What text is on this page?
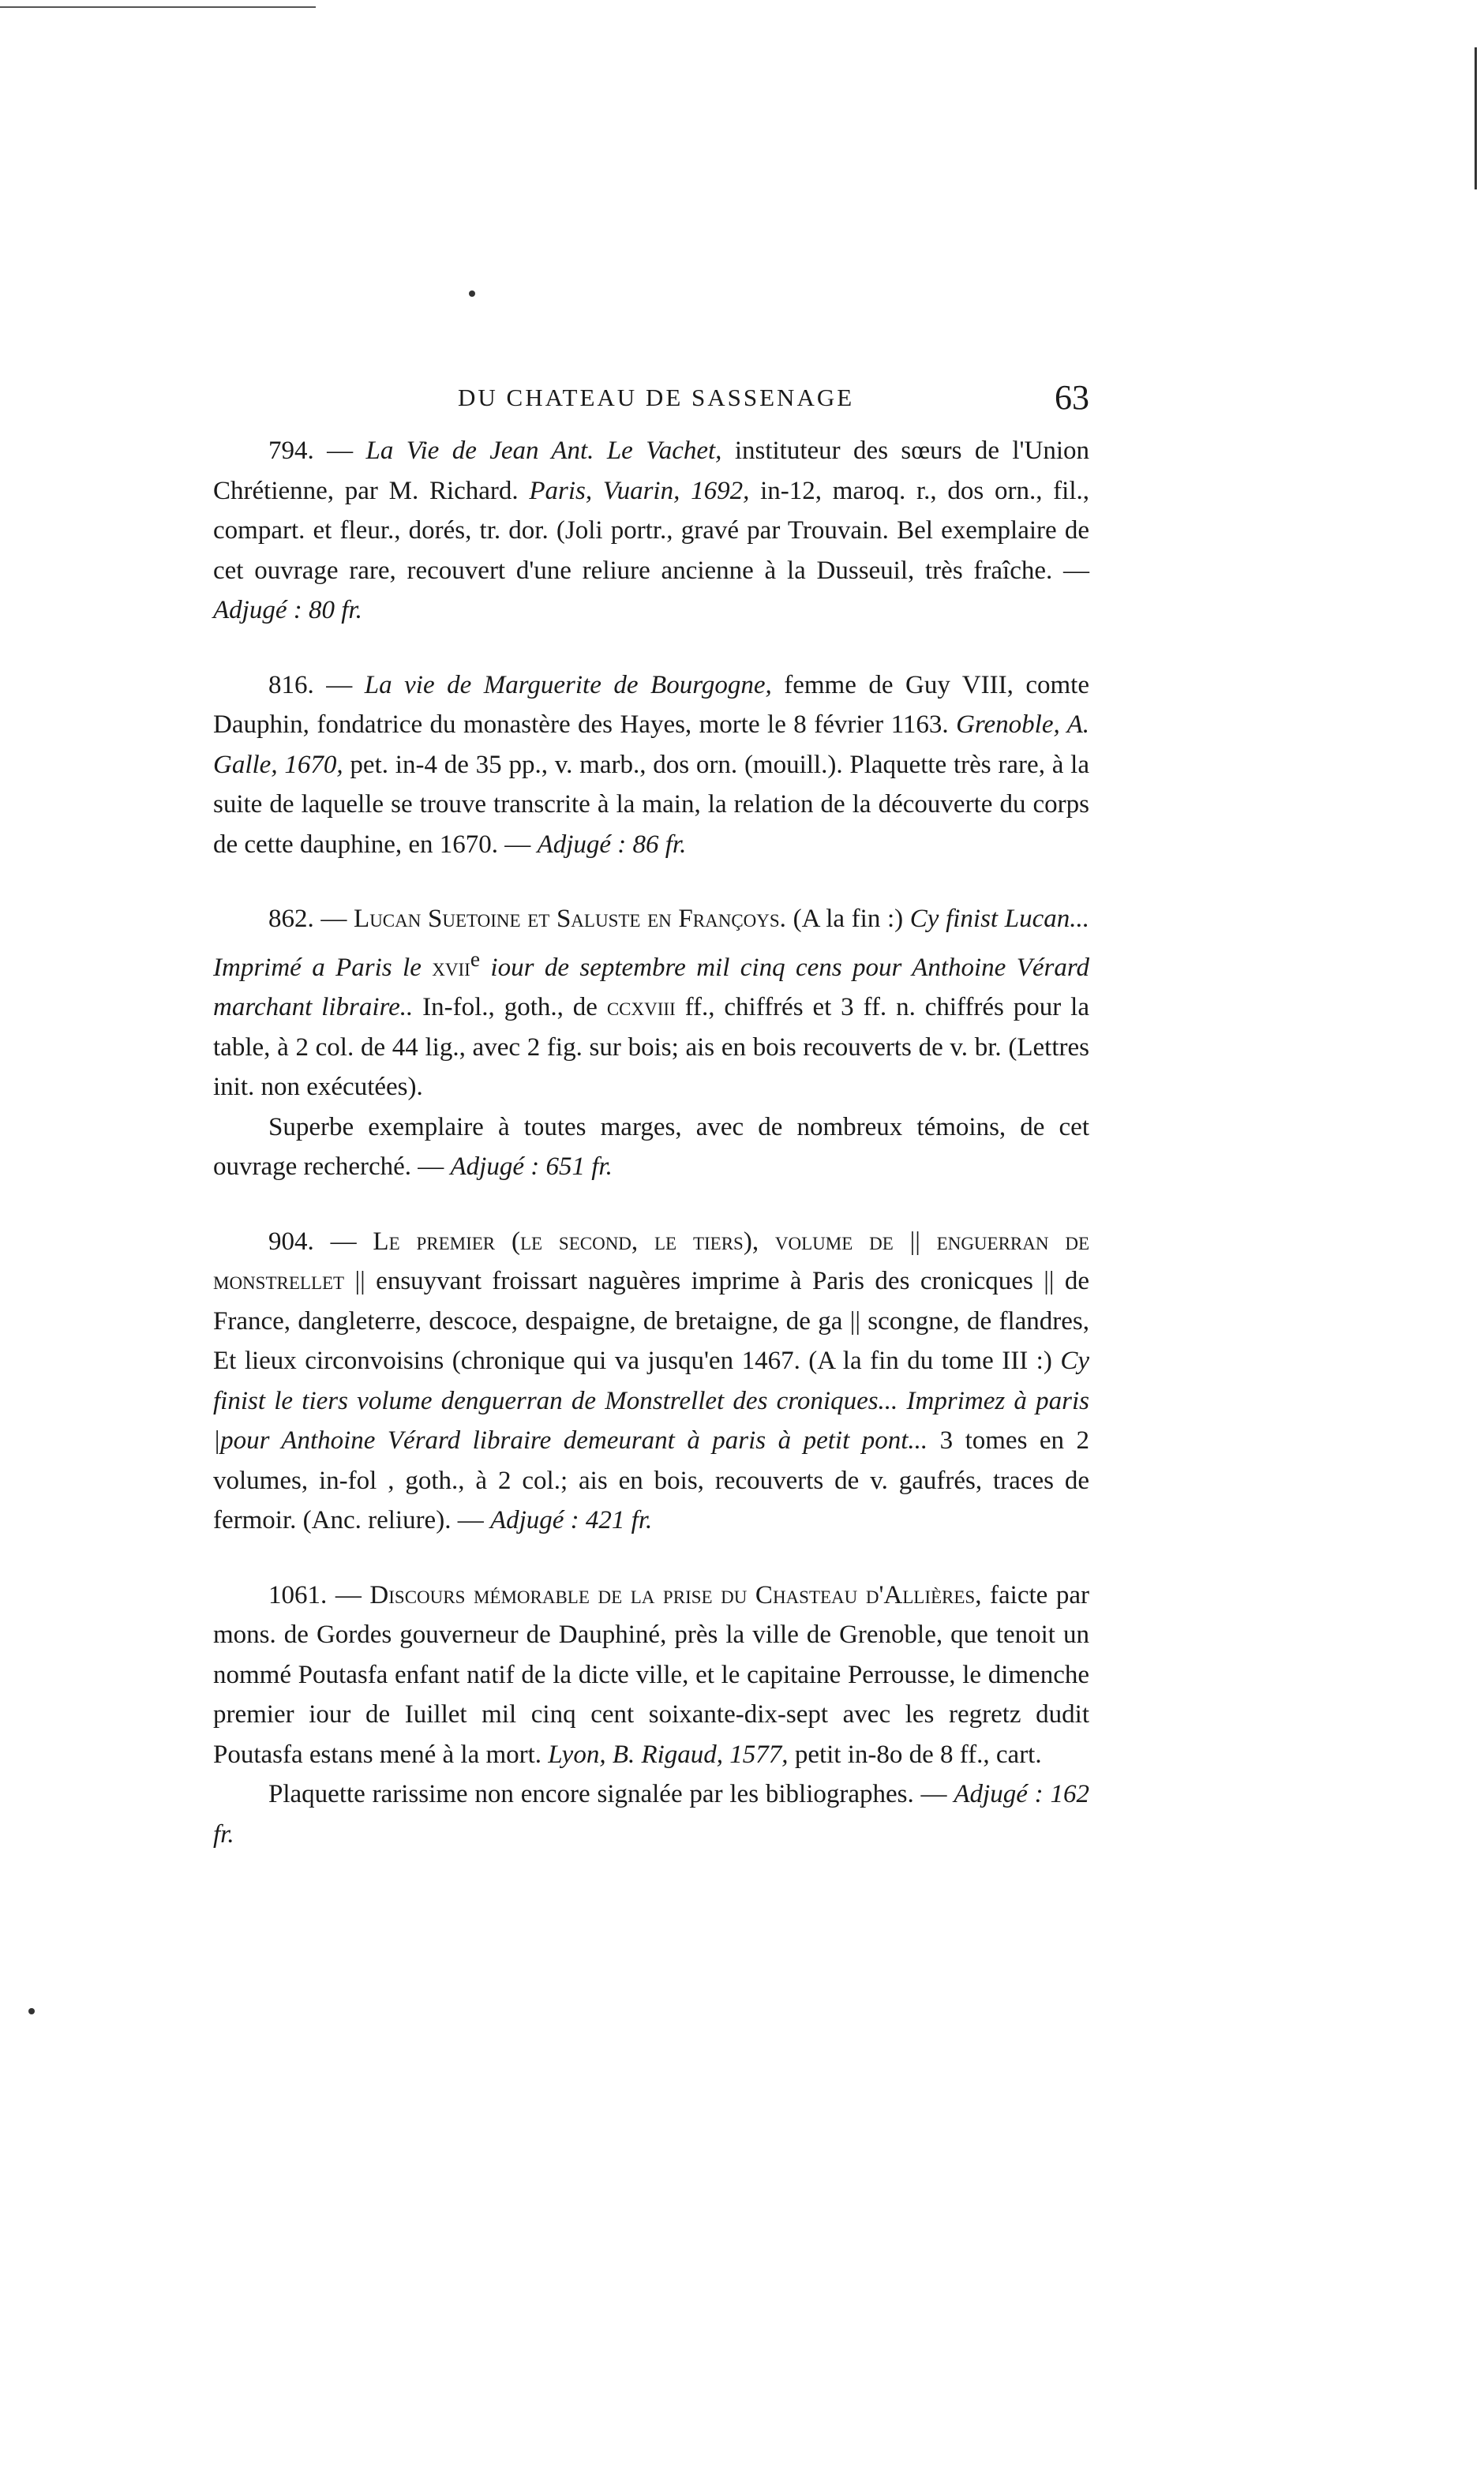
DU CHATEAU DE SASSENAGE	63

794. — La Vie de Jean Ant. Le Vachet, instituteur des sœurs de l'Union Chrétienne, par M. Richard. Paris, Vuarin, 1692, in-12, maroq. r., dos orn., fil., compart. et fleur., dorés, tr. dor. (Joli portr., gravé par Trouvain. Bel exemplaire de cet ouvrage rare, recouvert d'une reliure ancienne à la Dusseuil, très fraîche. — Adjugé : 80 fr.

816. — La vie de Marguerite de Bourgogne, femme de Guy VIII, comte Dauphin, fondatrice du monastère des Hayes, morte le 8 février 1163. Grenoble, A. Galle, 1670, pet. in-4 de 35 pp., v. marb., dos orn. (mouill.). Plaquette très rare, à la suite de laquelle se trouve transcrite à la main, la relation de la découverte du corps de cette dauphine, en 1670. — Adjugé : 86 fr.

862. — Lucan Suetoine et Saluste en Françoys. (A la fin :) Cy finist Lucan... Imprimé a Paris le xvii$^e$ iour de septembre mil cinq cens pour Anthoine Vérard marchant libraire.. In-fol., goth., de ccxviii ff., chiffrés et 3 ff. n. chiffrés pour la table, à 2 col. de 44 lig., avec 2 fig. sur bois; ais en bois recouverts de v. br. (Lettres init. non exécutées).

Superbe exemplaire à toutes marges, avec de nombreux témoins, de cet ouvrage recherché. — Adjugé : 651 fr.

904. — Le premier (le second, le tiers), volume de || enguerran de monstrellet || ensuyvant froissart naguères imprime à Paris des cronicques || de France, dangleterre, descoce, despaigne, de bretaigne, de ga || scongne, de flandres, Et lieux circonvoisins (chronique qui va jusqu'en 1467. (A la fin du tome III :) Cy finist le tiers volume denguerran de Monstrellet des croniques... Imprimez à paris |pour Anthoine Vérard libraire demeurant à paris à petit pont... 3 tomes en 2 volumes, in-fol , goth., à 2 col.; ais en bois, recouverts de v. gaufrés, traces de fermoir. (Anc. reliure). — Adjugé : 421 fr.

1061. — Discours mémorable de la prise du Chasteau d'Allières, faicte par mons. de Gordes gouverneur de Dauphiné, près la ville de Grenoble, que tenoit un nommé Poutasfa enfant natif de la dicte ville, et le capitaine Perrousse, le dimenche premier iour de Iuillet mil cinq cent soixante-dix-sept avec les regretz dudit Poutasfa estans mené à la mort. Lyon, B. Rigaud, 1577, petit in-8o de 8 ff., cart.

Plaquette rarissime non encore signalée par les bibliographes. — Adjugé : 162 fr.
